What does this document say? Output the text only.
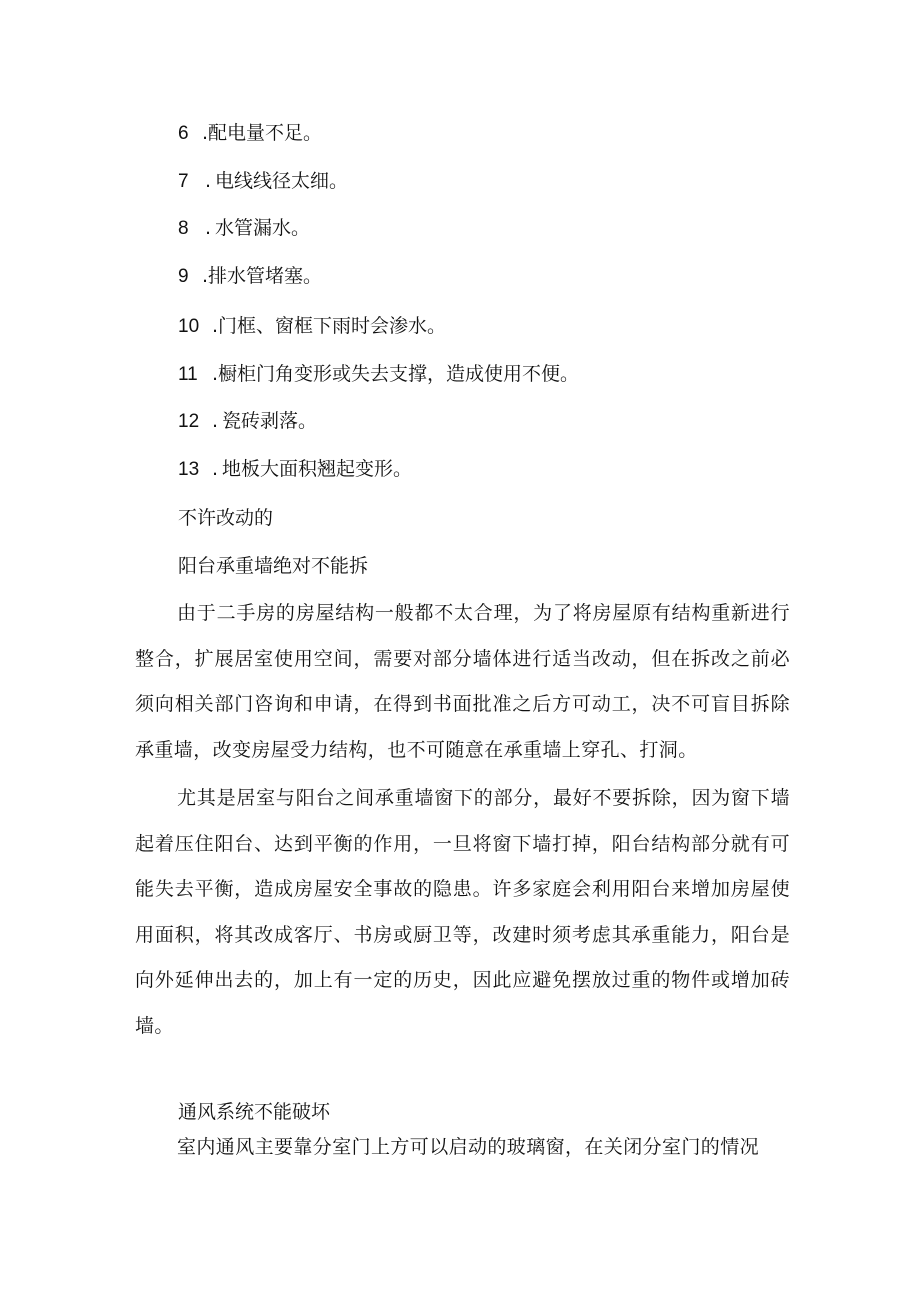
6 .配电量不足。
7 . 电线线径太细。
8 . 水管漏水。
9 .排水管堵塞。
10 .门框、窗框下雨时会渗水。
11 .橱柜门角变形或失去支撑，造成使用不便。
12 . 瓷砖剥落。
13 . 地板大面积翘起变形。
不许改动的
阳台承重墙绝对不能拆
由于二手房的房屋结构一般都不太合理，为了将房屋原有结构重新进行整合，扩展居室使用空间，需要对部分墙体进行适当改动，但在拆改之前必须向相关部门咨询和申请，在得到书面批准之后方可动工，决不可盲目拆除承重墙，改变房屋受力结构，也不可随意在承重墙上穿孔、打洞。
尤其是居室与阳台之间承重墙窗下的部分，最好不要拆除，因为窗下墙起着压住阳台、达到平衡的作用，一旦将窗下墙打掉，阳台结构部分就有可能失去平衡，造成房屋安全事故的隐患。许多家庭会利用阳台来增加房屋使用面积，将其改成客厅、书房或厨卫等，改建时须考虑其承重能力，阳台是向外延伸出去的，加上有一定的历史，因此应避免摆放过重的物件或增加砖墙。
通风系统不能破坏
室内通风主要靠分室门上方可以启动的玻璃窗，在关闭分室门的情况
